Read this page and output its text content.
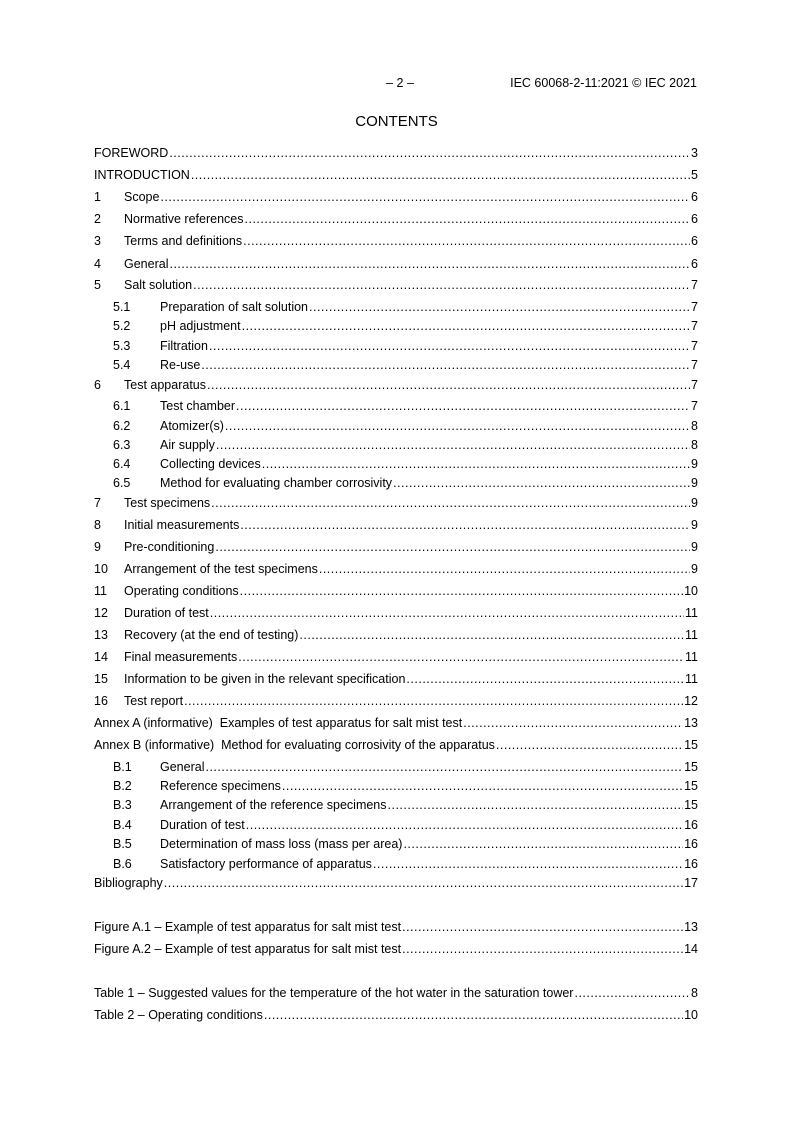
– 2 –	IEC 60068-2-11:2021 © IEC 2021
CONTENTS
FOREWORD .....	3
INTRODUCTION .....	5
1	Scope .....	6
2	Normative references .....	6
3	Terms and definitions .....	6
4	General .....	6
5	Salt solution .....	7
5.1	Preparation of salt solution .....	7
5.2	pH adjustment .....	7
5.3	Filtration .....	7
5.4	Re-use .....	7
6	Test apparatus .....	7
6.1	Test chamber .....	7
6.2	Atomizer(s) .....	8
6.3	Air supply .....	8
6.4	Collecting devices .....	9
6.5	Method for evaluating chamber corrosivity .....	9
7	Test specimens .....	9
8	Initial measurements .....	9
9	Pre-conditioning .....	9
10	Arrangement of the test specimens .....	9
11	Operating conditions .....	10
12	Duration of test .....	11
13	Recovery (at the end of testing) .....	11
14	Final measurements .....	11
15	Information to be given in the relevant specification .....	11
16	Test report .....	12
Annex A (informative)  Examples of test apparatus for salt mist test .....	13
Annex B (informative)  Method for evaluating corrosivity of the apparatus .....	15
B.1	General .....	15
B.2	Reference specimens .....	15
B.3	Arrangement of the reference specimens .....	15
B.4	Duration of test .....	16
B.5	Determination of mass loss (mass per area) .....	16
B.6	Satisfactory performance of apparatus .....	16
Bibliography .....	17
Figure A.1 – Example of test apparatus for salt mist test .....	13
Figure A.2 – Example of test apparatus for salt mist test .....	14
Table 1 – Suggested values for the temperature of the hot water in the saturation tower .....	8
Table 2 – Operating conditions .....	10
